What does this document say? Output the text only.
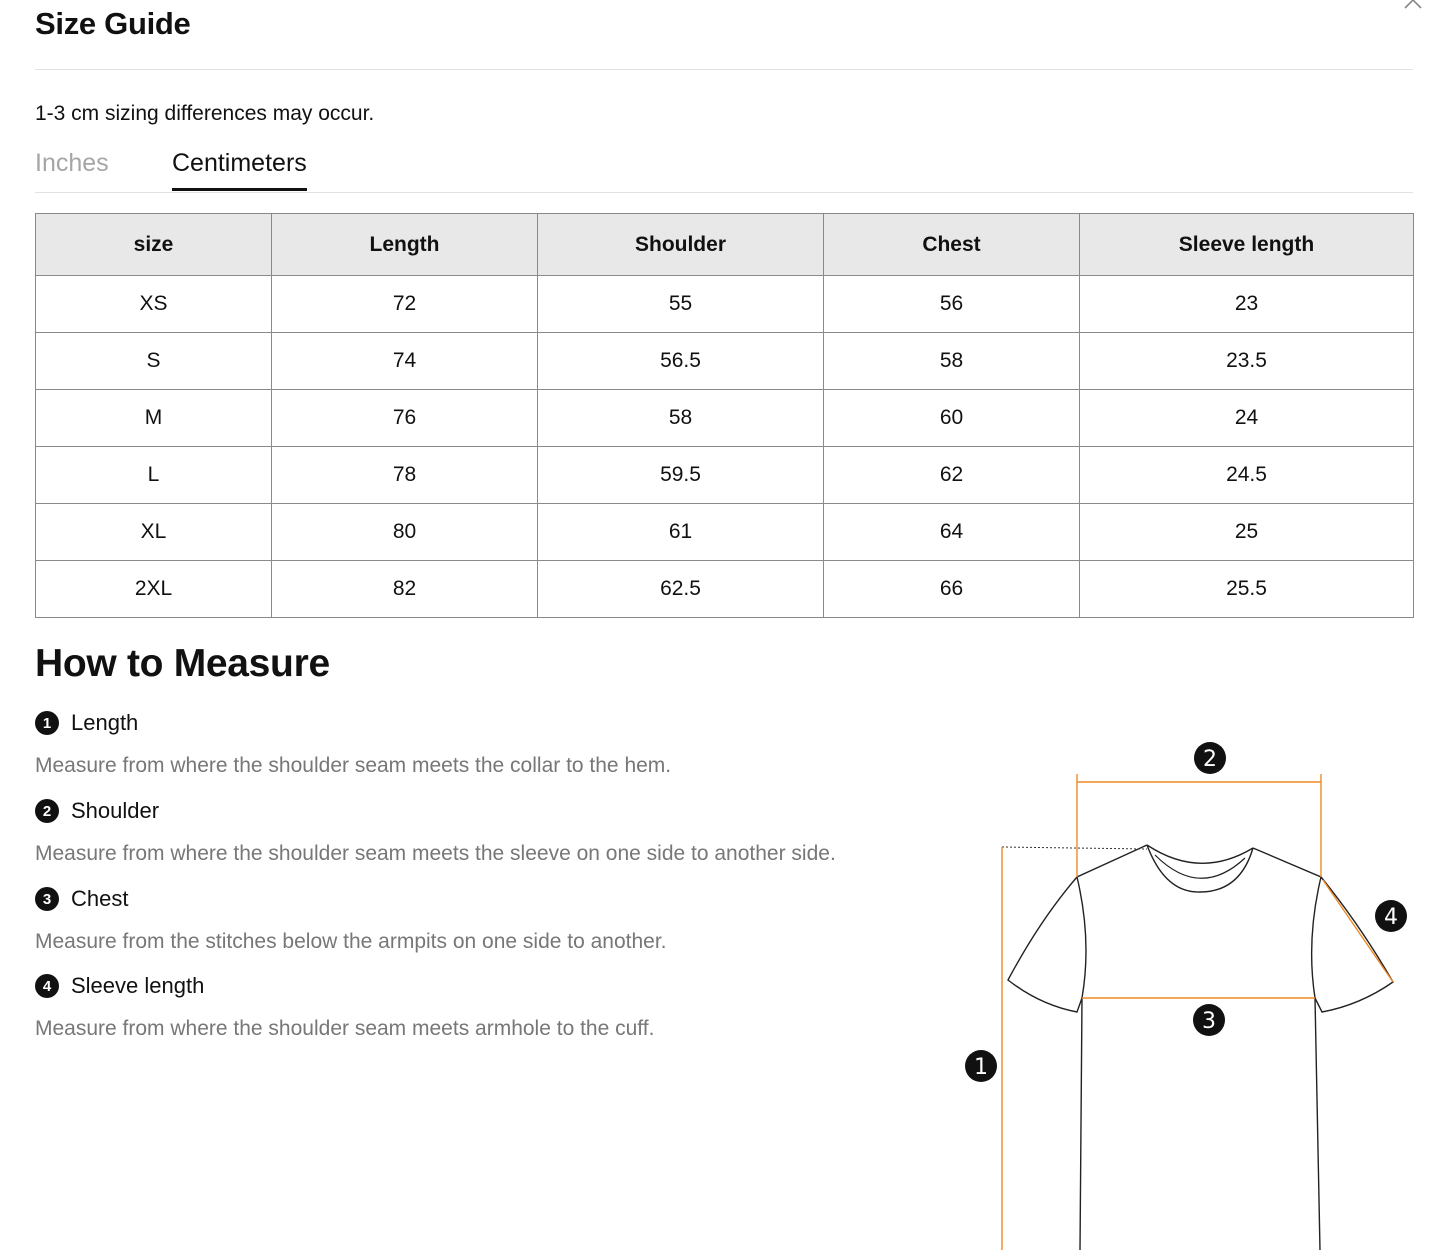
Size Guide
1-3 cm sizing differences may occur.
Inches	Centimeters
size	Length	Shoulder	Chest	Sleeve length
XS	72	55	56	23
S	74	56.5	58	23.5
M	76	58	60	24
L	78	59.5	62	24.5
XL	80	61	64	25
2XL	82	62.5	66	25.5
How to Measure
1 Length
Measure from where the shoulder seam meets the collar to the hem.
2 Shoulder
Measure from where the shoulder seam meets the sleeve on one side to another side.
3 Chest
Measure from the stitches below the armpits on one side to another.
4 Sleeve length
Measure from where the shoulder seam meets armhole to the cuff.
2
3
4
1
